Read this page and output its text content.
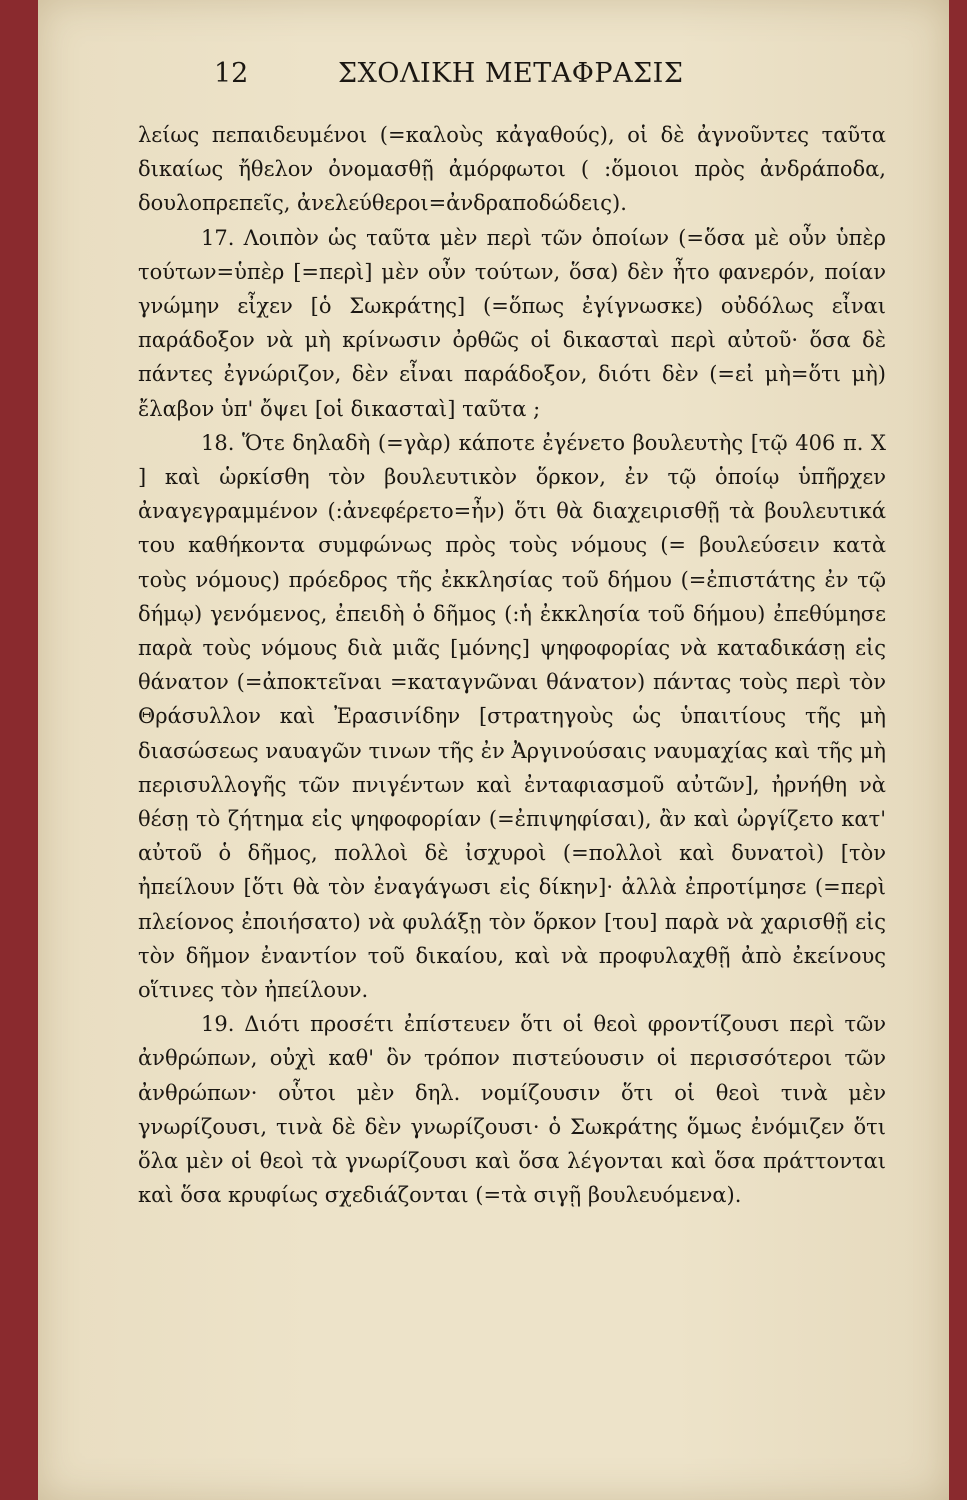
12	ΣΧΟΛΙΚΗ ΜΕΤΑΦΡΑΣΙΣ

λείως πεπαιδευμένοι (=καλοὺς κἀγαθούς), οἱ δὲ ἀγνοῦντες ταῦτα δικαίως ἤθελον ὀνομασθῇ ἀμόρφωτοι ( :ὅμοιοι πρὸς ἀνδράποδα, δουλοπρεπεῖς, ἀνελεύθεροι=ἀνδραποδώδεις).

17. Λοιπὸν ὡς ταῦτα μὲν περὶ τῶν ὁποίων (=ὅσα μὲ οὖν ὑπὲρ τούτων=ὑπὲρ [=περὶ] μὲν οὖν τούτων, ὅσα) δὲν ἦτο φανερόν, ποίαν γνώμην εἶχεν [ὁ Σωκράτης] (=ὅπως ἐγίγνωσκε) οὐδόλως εἶναι παράδοξον νὰ μὴ κρίνωσιν ὀρθῶς οἱ δικασταὶ περὶ αὐτοῦ· ὅσα δὲ πάντες ἐγνώριζον, δὲν εἶναι παράδοξον, διότι δὲν (=εἰ μὴ=ὅτι μὴ) ἔλαβον ὑπ' ὄψει [οἱ δικασταὶ] ταῦτα ;

18. Ὅτε δηλαδὴ (=γὰρ) κάποτε ἐγένετο βουλευτὴς [τῷ 406 π. Χ ] καὶ ὡρκίσθη τὸν βουλευτικὸν ὅρκον, ἐν τῷ ὁποίῳ ὑπῆρχεν ἀναγεγραμμένον (:ἀνεφέρετο=ἦν) ὅτι θὰ διαχειρισθῇ τὰ βουλευτικά του καθήκοντα συμφώνως πρὸς τοὺς νόμους (= βουλεύσειν κατὰ τοὺς νόμους) πρόεδρος τῆς ἐκκλησίας τοῦ δήμου (=ἐπιστάτης ἐν τῷ δήμῳ) γενόμενος, ἐπειδὴ ὁ δῆμος (:ἡ ἐκκλησία τοῦ δήμου) ἐπεθύμησε παρὰ τοὺς νόμους διὰ μιᾶς [μόνης] ψηφοφορίας νὰ καταδικάσῃ εἰς θάνατον (=ἀποκτεῖναι =καταγνῶναι θάνατον) πάντας τοὺς περὶ τὸν Θράσυλλον καὶ Ἐρασινίδην [στρατηγοὺς ὡς ὑπαιτίους τῆς μὴ διασώσεως ναυαγῶν τινων τῆς ἐν Ἀργινούσαις ναυμαχίας καὶ τῆς μὴ περισυλλογῆς τῶν πνιγέντων καὶ ἐνταφιασμοῦ αὐτῶν], ἠρνήθη νὰ θέσῃ τὸ ζήτημα εἰς ψηφοφορίαν (=ἐπιψηφίσαι), ἂν καὶ ὠργίζετο κατ' αὐτοῦ ὁ δῆμος, πολλοὶ δὲ ἰσχυροὶ (=πολλοὶ καὶ δυνατοὶ) [τὸν ἠπείλουν [ὅτι θὰ τὸν ἐναγάγωσι εἰς δίκην]· ἀλλὰ ἐπροτίμησε (=περὶ πλείονος ἐποιήσατο) νὰ φυλάξῃ τὸν ὅρκον [του] παρὰ νὰ χαρισθῇ εἰς τὸν δῆμον ἐναντίον τοῦ δικαίου, καὶ νὰ προφυλαχθῇ ἀπὸ ἐκείνους οἵτινες τὸν ἠπείλουν.

19. Διότι προσέτι ἐπίστευεν ὅτι οἱ θεοὶ φροντίζουσι περὶ τῶν ἀνθρώπων, οὐχὶ καθ' ὃν τρόπον πιστεύουσιν οἱ περισσότεροι τῶν ἀνθρώπων· οὗτοι μὲν δηλ. νομίζουσιν ὅτι οἱ θεοὶ τινὰ μὲν γνωρίζουσι, τινὰ δὲ δὲν γνωρίζουσι· ὁ Σωκράτης ὅμως ἐνόμιζεν ὅτι ὅλα μὲν οἱ θεοὶ τὰ γνωρίζουσι καὶ ὅσα λέγονται καὶ ὅσα πράττονται καὶ ὅσα κρυφίως σχεδιάζονται (=τὰ σιγῇ βουλευόμενα).
